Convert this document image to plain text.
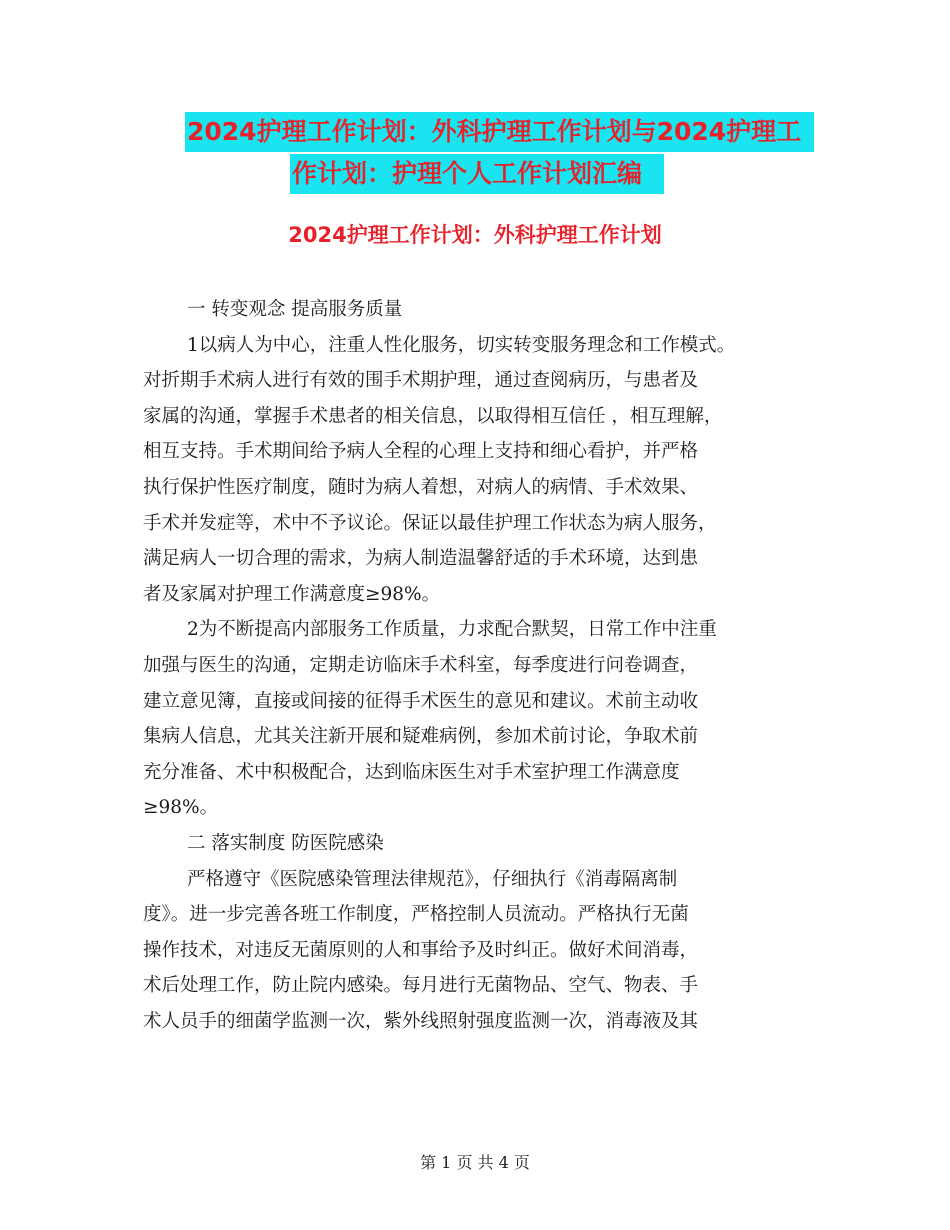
2024护理工作计划：外科护理工作计划与2024护理工
作计划：护理个人工作计划汇编
2024护理工作计划：外科护理工作计划
一 转变观念 提高服务质量
1以病人为中心，注重人性化服务，切实转变服务理念和工作模式。
对折期手术病人进行有效的围手术期护理，通过查阅病历，与患者及
家属的沟通，掌握手术患者的相关信息，以取得相互信任 ，相互理解，
相互支持。手术期间给予病人全程的心理上支持和细心看护，并严格
执行保护性医疗制度，随时为病人着想，对病人的病情、手术效果、
手术并发症等，术中不予议论。保证以最佳护理工作状态为病人服务，
满足病人一切合理的需求，为病人制造温馨舒适的手术环境，达到患
者及家属对护理工作满意度≥98%。
2为不断提高内部服务工作质量，力求配合默契，日常工作中注重
加强与医生的沟通，定期走访临床手术科室，每季度进行问卷调查，
建立意见簿，直接或间接的征得手术医生的意见和建议。术前主动收
集病人信息，尤其关注新开展和疑难病例，参加术前讨论，争取术前
充分准备、术中积极配合，达到临床医生对手术室护理工作满意度
≥98%。
二 落实制度 防医院感染
严格遵守《医院感染管理法律规范》，仔细执行《消毒隔离制
度》。进一步完善各班工作制度，严格控制人员流动。严格执行无菌
操作技术，对违反无菌原则的人和事给予及时纠正。做好术间消毒，
术后处理工作，防止院内感染。每月进行无菌物品、空气、物表、手
术人员手的细菌学监测一次，紫外线照射强度监测一次，消毒液及其
第 1 页 共 4 页
